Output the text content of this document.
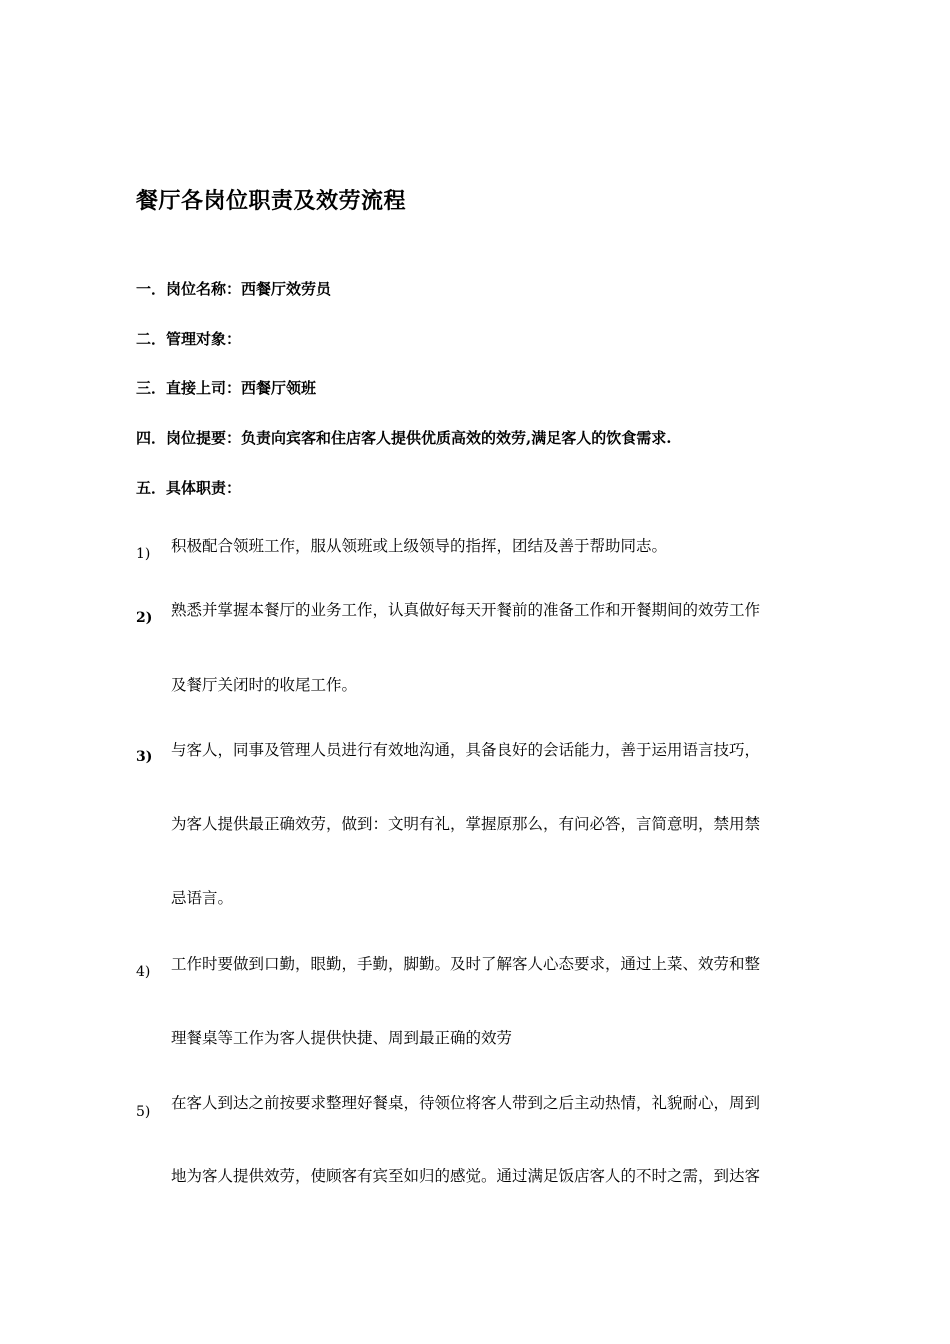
餐厅各岗位职责及效劳流程
一．岗位名称：西餐厅效劳员
二．管理对象：
三．直接上司：西餐厅领班
四．岗位提要：负责向宾客和住店客人提供优质高效的效劳,满足客人的饮食需求.
五．具体职责：
1) 积极配合领班工作，服从领班或上级领导的指挥，团结及善于帮助同志。
2) 熟悉并掌握本餐厅的业务工作，认真做好每天开餐前的准备工作和开餐期间的效劳工作
及餐厅关闭时的收尾工作。
3) 与客人，同事及管理人员进行有效地沟通，具备良好的会话能力，善于运用语言技巧，
为客人提供最正确效劳，做到：文明有礼，掌握原那么，有问必答，言简意明，禁用禁
忌语言。
4) 工作时要做到口勤，眼勤，手勤，脚勤。及时了解客人心态要求，通过上菜、效劳和整
理餐桌等工作为客人提供快捷、周到最正确的效劳
5) 在客人到达之前按要求整理好餐桌，待领位将客人带到之后主动热情，礼貌耐心，周到
地为客人提供效劳，使顾客有宾至如归的感觉。通过满足饭店客人的不时之需，到达客
